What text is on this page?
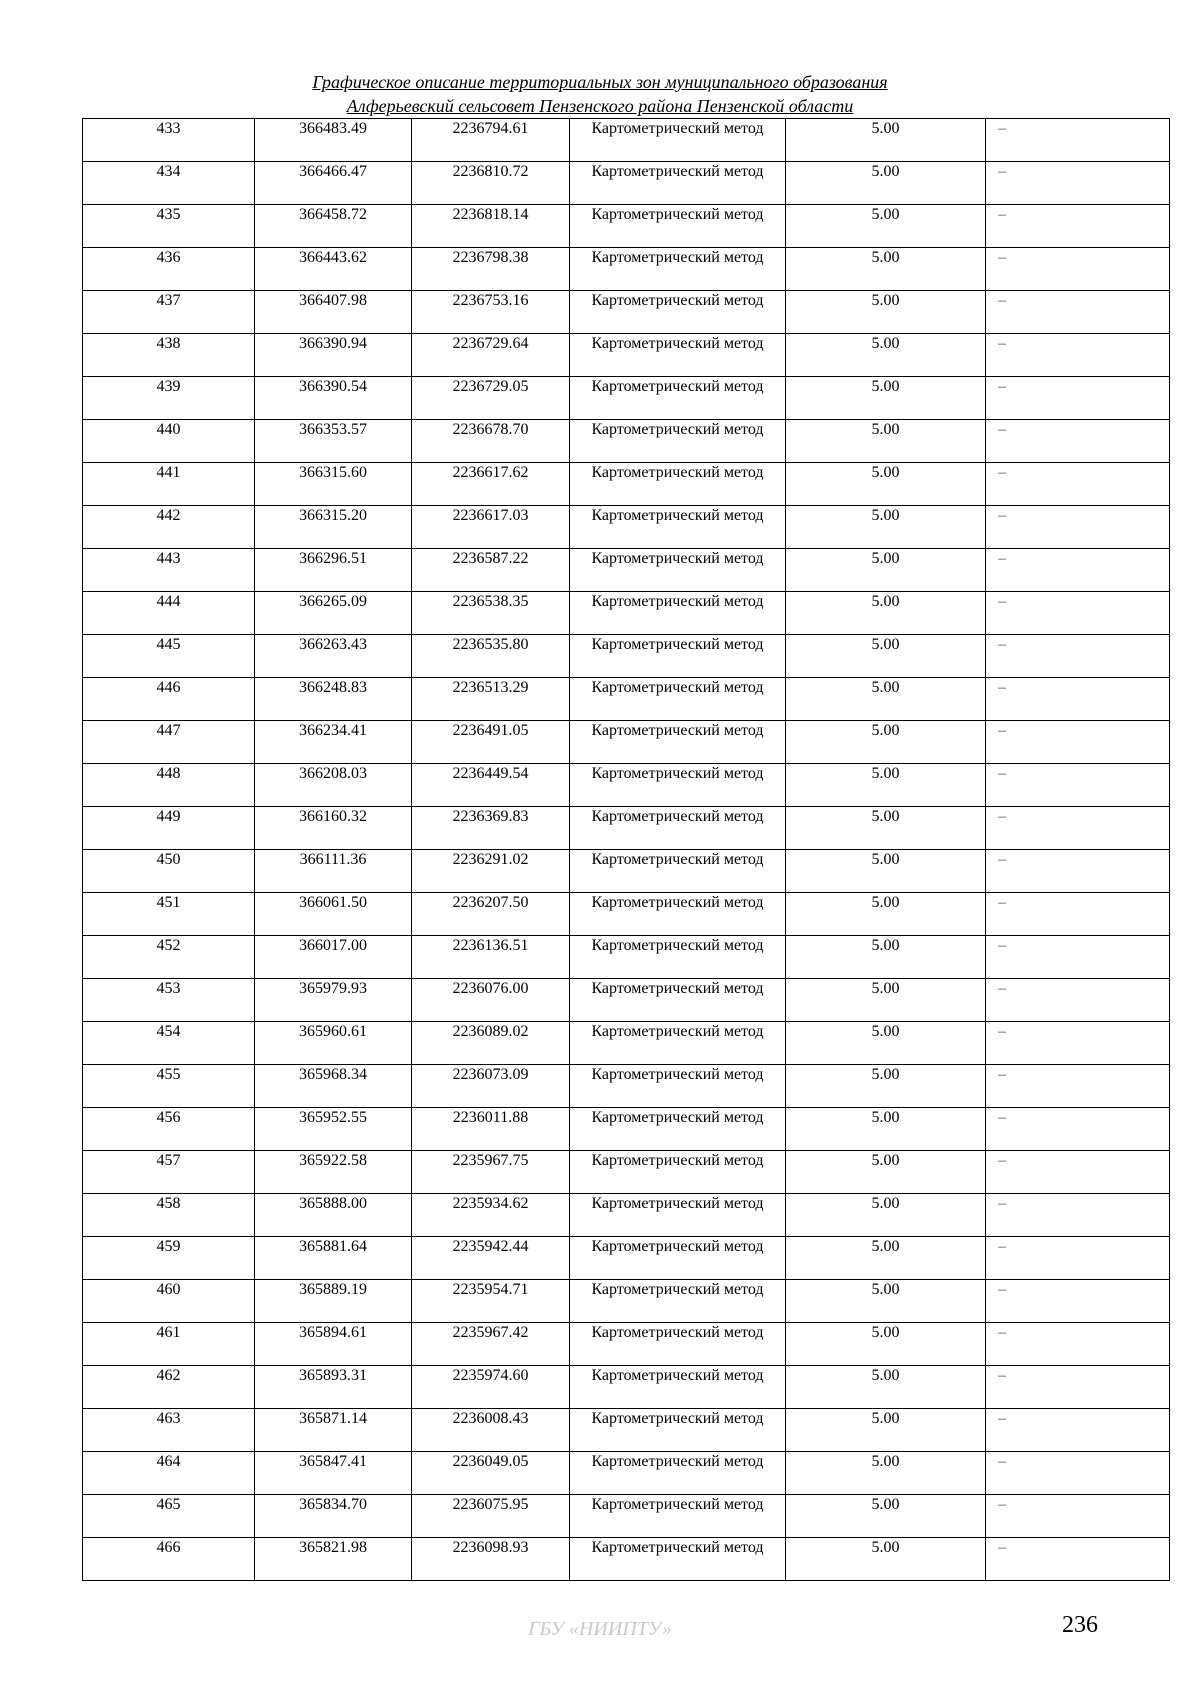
Графическое описание территориальных зон муниципального образования
Алферьевский сельсовет Пензенского района Пензенской области
433	366483.49	2236794.61	Картометрический метод	5.00	–
434	366466.47	2236810.72	Картометрический метод	5.00	–
435	366458.72	2236818.14	Картометрический метод	5.00	–
436	366443.62	2236798.38	Картометрический метод	5.00	–
437	366407.98	2236753.16	Картометрический метод	5.00	–
438	366390.94	2236729.64	Картометрический метод	5.00	–
439	366390.54	2236729.05	Картометрический метод	5.00	–
440	366353.57	2236678.70	Картометрический метод	5.00	–
441	366315.60	2236617.62	Картометрический метод	5.00	–
442	366315.20	2236617.03	Картометрический метод	5.00	–
443	366296.51	2236587.22	Картометрический метод	5.00	–
444	366265.09	2236538.35	Картометрический метод	5.00	–
445	366263.43	2236535.80	Картометрический метод	5.00	–
446	366248.83	2236513.29	Картометрический метод	5.00	–
447	366234.41	2236491.05	Картометрический метод	5.00	–
448	366208.03	2236449.54	Картометрический метод	5.00	–
449	366160.32	2236369.83	Картометрический метод	5.00	–
450	366111.36	2236291.02	Картометрический метод	5.00	–
451	366061.50	2236207.50	Картометрический метод	5.00	–
452	366017.00	2236136.51	Картометрический метод	5.00	–
453	365979.93	2236076.00	Картометрический метод	5.00	–
454	365960.61	2236089.02	Картометрический метод	5.00	–
455	365968.34	2236073.09	Картометрический метод	5.00	–
456	365952.55	2236011.88	Картометрический метод	5.00	–
457	365922.58	2235967.75	Картометрический метод	5.00	–
458	365888.00	2235934.62	Картометрический метод	5.00	–
459	365881.64	2235942.44	Картометрический метод	5.00	–
460	365889.19	2235954.71	Картометрический метод	5.00	–
461	365894.61	2235967.42	Картометрический метод	5.00	–
462	365893.31	2235974.60	Картометрический метод	5.00	–
463	365871.14	2236008.43	Картометрический метод	5.00	–
464	365847.41	2236049.05	Картометрический метод	5.00	–
465	365834.70	2236075.95	Картометрический метод	5.00	–
466	365821.98	2236098.93	Картометрический метод	5.00	–
ГБУ «НИИПТУ»	236
